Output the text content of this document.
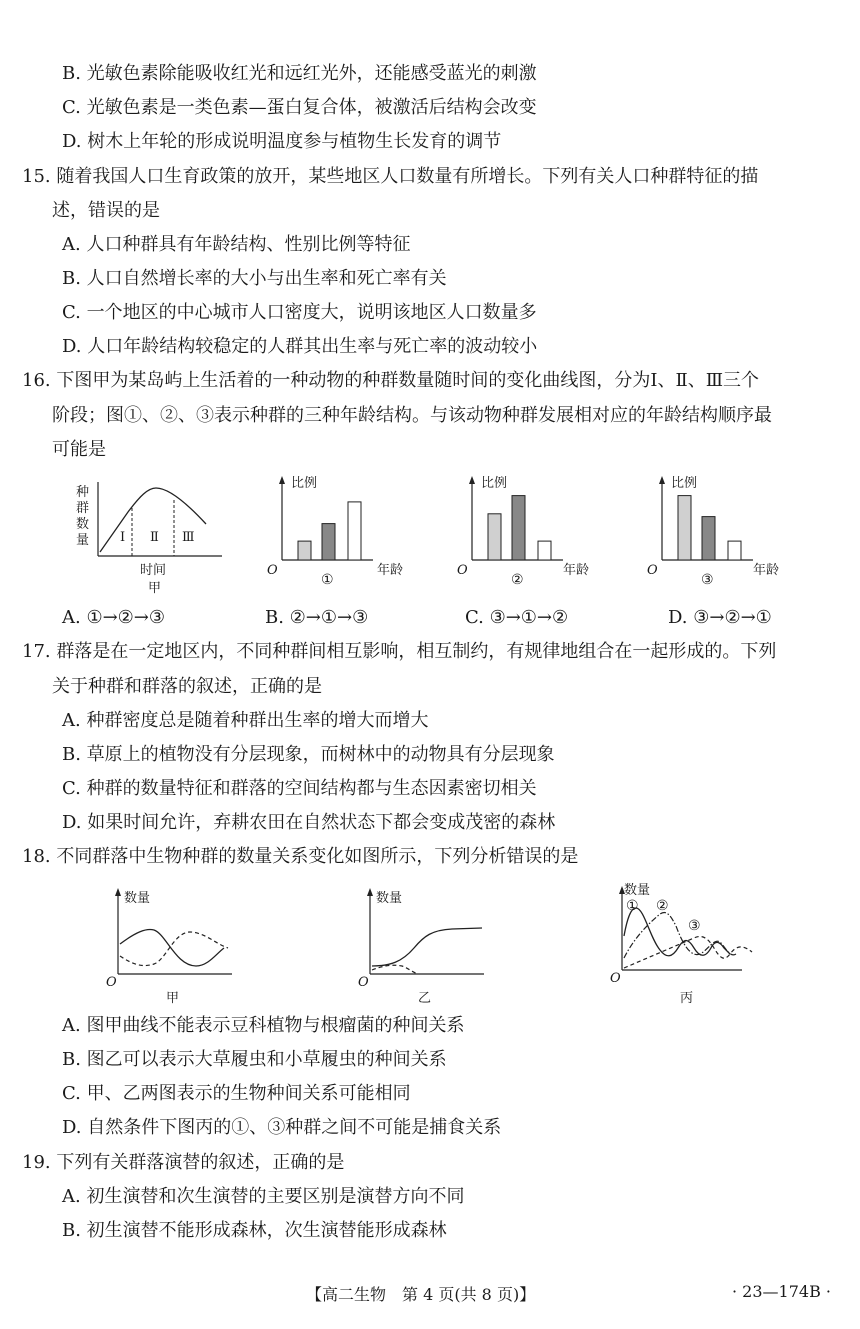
B. 光敏色素除能吸收红光和远红光外，还能感受蓝光的刺激
C. 光敏色素是一类色素—蛋白复合体，被激活后结构会改变
D. 树木上年轮的形成说明温度参与植物生长发育的调节
15. 随着我国人口生育政策的放开，某些地区人口数量有所增长。下列有关人口种群特征的描
述，错误的是
A. 人口种群具有年龄结构、性别比例等特征
B. 人口自然增长率的大小与出生率和死亡率有关
C. 一个地区的中心城市人口密度大，说明该地区人口数量多
D. 人口年龄结构较稳定的人群其出生率与死亡率的波动较小
16. 下图甲为某岛屿上生活着的一种动物的种群数量随时间的变化曲线图，分为Ⅰ、Ⅱ、Ⅲ三个
阶段；图①、②、③表示种群的三种年龄结构。与该动物种群发展相对应的年龄结构顺序最
可能是
种
群
数
量 Ⅰ Ⅱ Ⅲ
时间
甲
比例
O	年龄
①
比例
O	年龄
②
比例
O	年龄
③
A. ①→②→③	B. ②→①→③	C. ③→①→②	D. ③→②→①
17. 群落是在一定地区内，不同种群间相互影响，相互制约，有规律地组合在一起形成的。下列
关于种群和群落的叙述，正确的是
A. 种群密度总是随着种群出生率的增大而增大
B. 草原上的植物没有分层现象，而树林中的动物具有分层现象
C. 种群的数量特征和群落的空间结构都与生态因素密切相关
D. 如果时间允许，弃耕农田在自然状态下都会变成茂密的森林
18. 不同群落中生物种群的数量关系变化如图所示，下列分析错误的是
数量
O
甲
数量
O
乙
数量
O
丙
① ②
③
A. 图甲曲线不能表示豆科植物与根瘤菌的种间关系
B. 图乙可以表示大草履虫和小草履虫的种间关系
C. 甲、乙两图表示的生物种间关系可能相同
D. 自然条件下图丙的①、③种群之间不可能是捕食关系
19. 下列有关群落演替的叙述，正确的是
A. 初生演替和次生演替的主要区别是演替方向不同
B. 初生演替不能形成森林，次生演替能形成森林
【高二生物　第 4 页(共 8 页)】	· 23—174B ·
